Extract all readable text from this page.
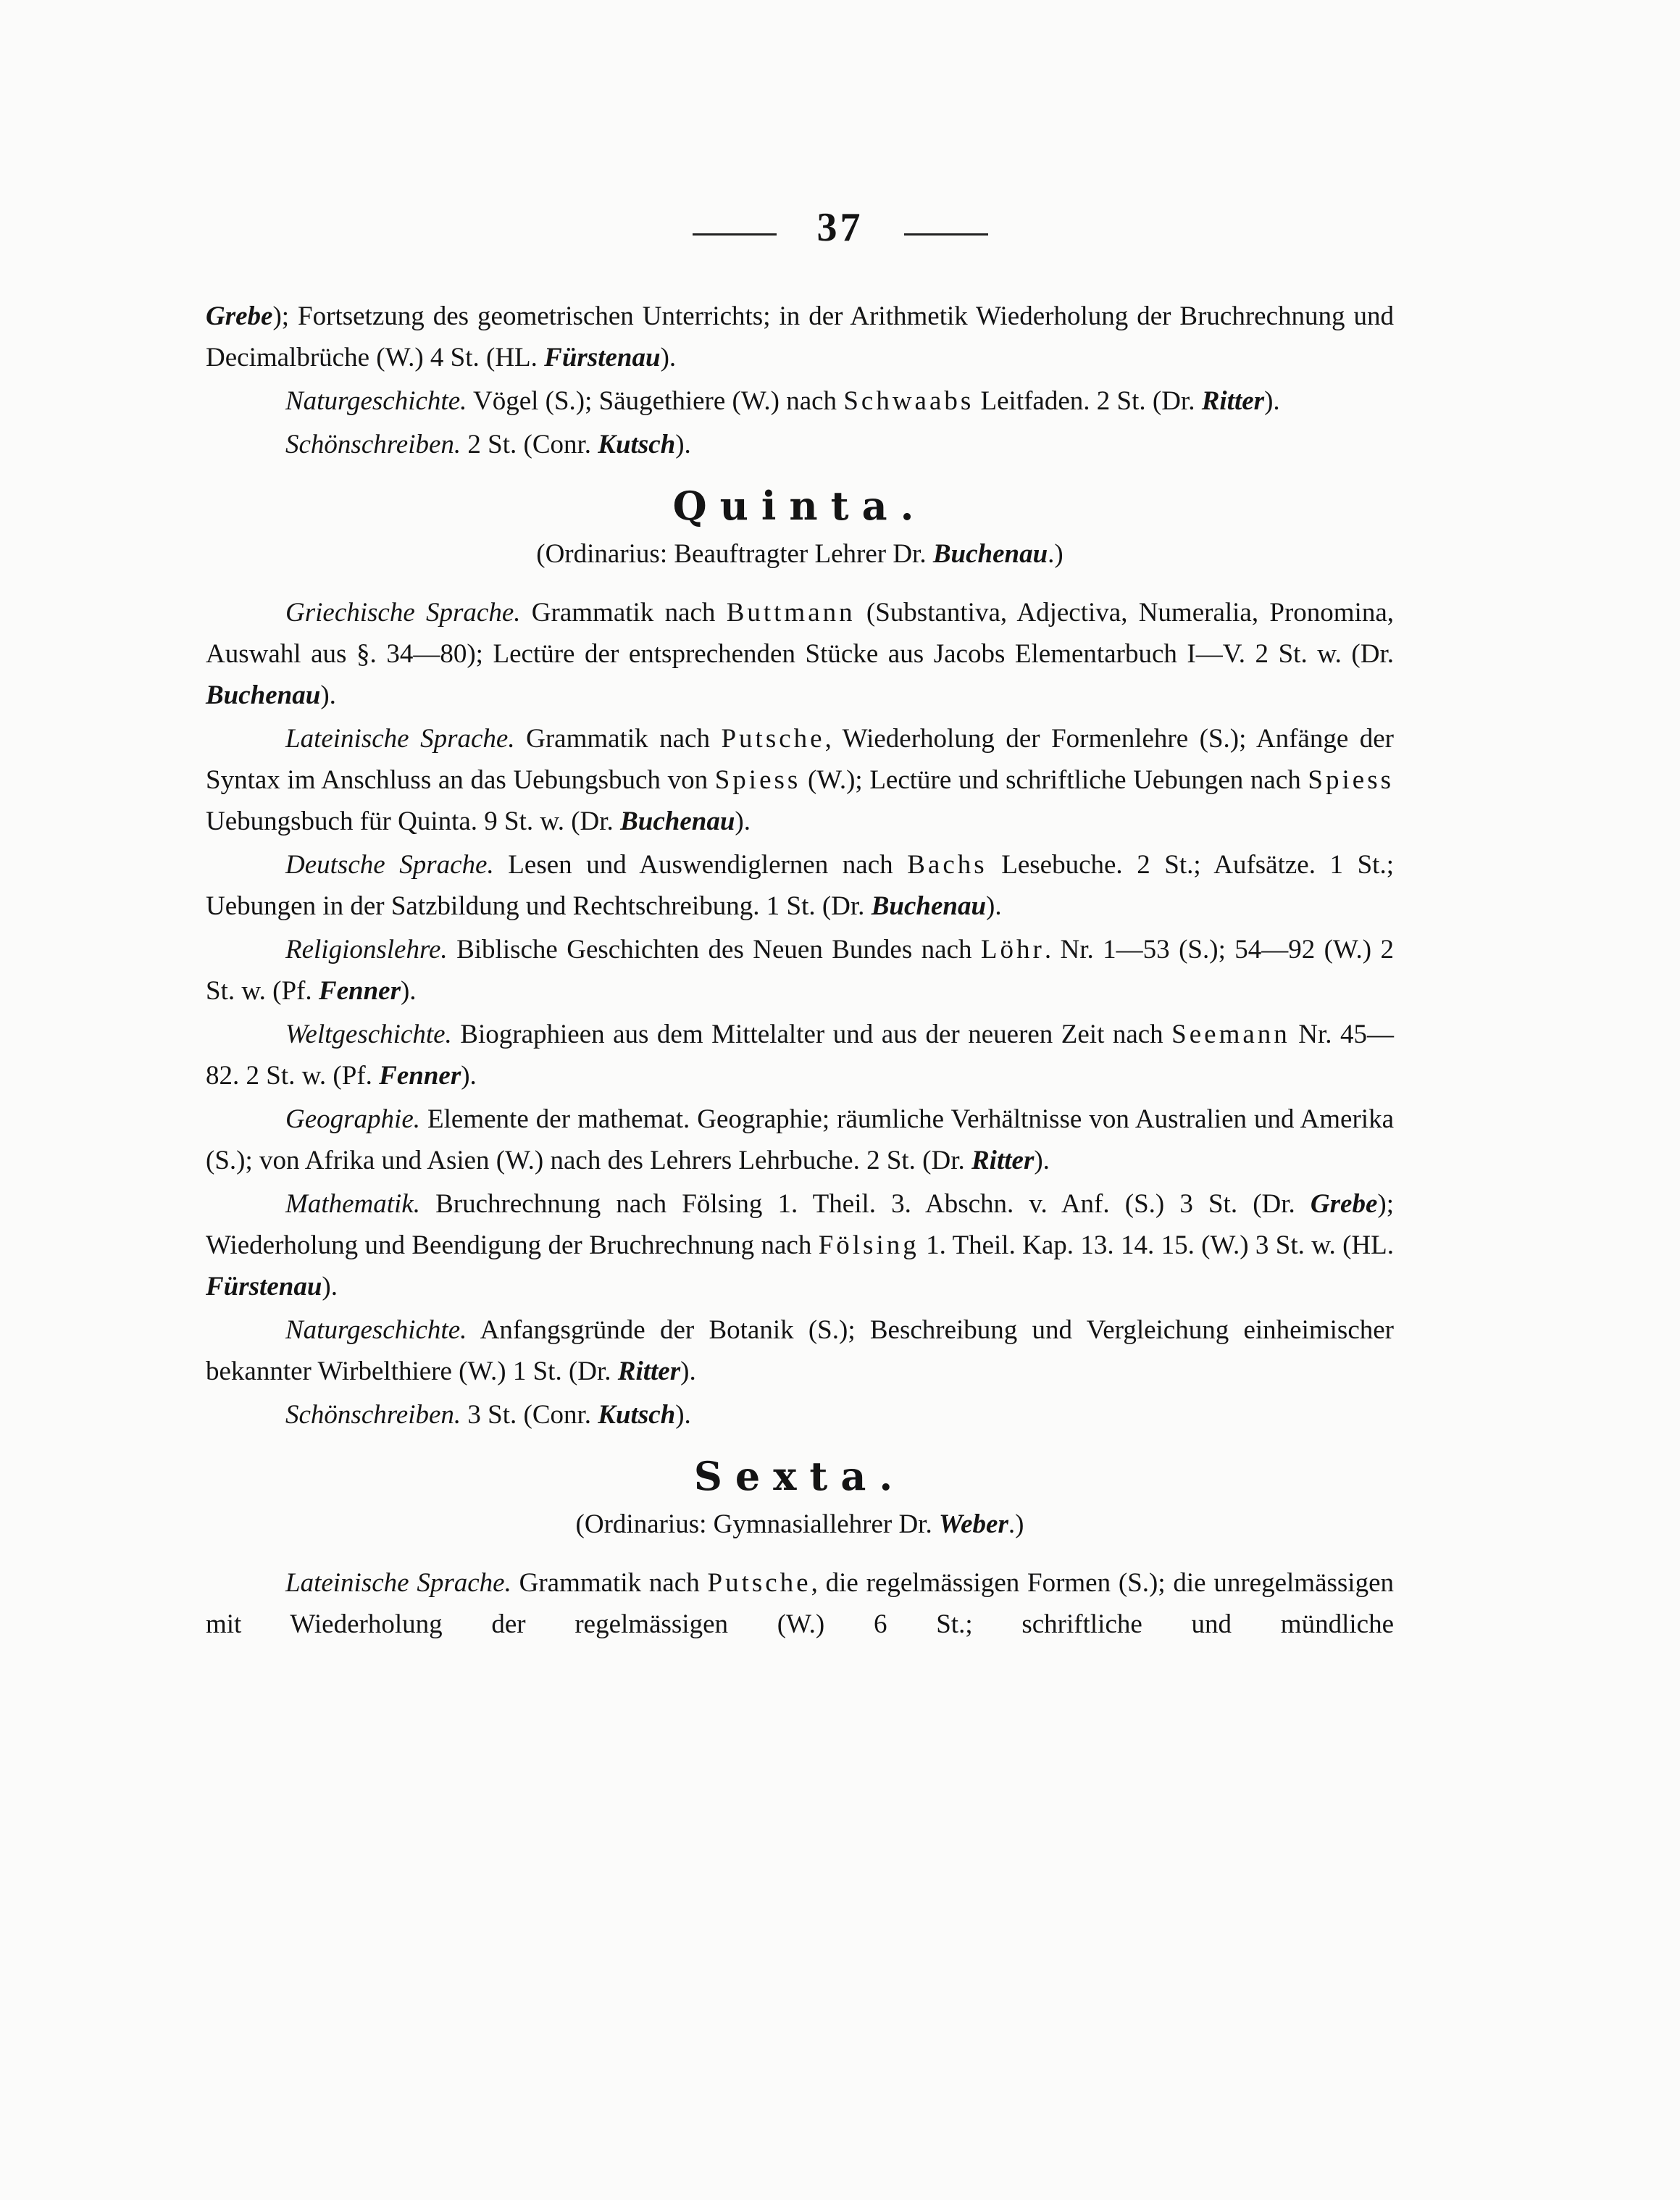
37

Grebe); Fortsetzung des geometrischen Unterrichts; in der Arithmetik Wiederholung der Bruchrechnung und Decimalbrüche (W.) 4 St. (HL. Fürstenau).

Naturgeschichte. Vögel (S.); Säugethiere (W.) nach Schwaabs Leitfaden. 2 St. (Dr. Ritter).

Schönschreiben. 2 St. (Conr. Kutsch).

Quinta.

(Ordinarius: Beauftragter Lehrer Dr. Buchenau.)

Griechische Sprache. Grammatik nach Buttmann (Substantiva, Adjectiva, Numeralia, Pronomina, Auswahl aus §. 34—80); Lectüre der entsprechenden Stücke aus Jacobs Elementarbuch I—V. 2 St. w. (Dr. Buchenau).

Lateinische Sprache. Grammatik nach Putsche, Wiederholung der Formenlehre (S.); Anfänge der Syntax im Anschluss an das Uebungsbuch von Spiess (W.); Lectüre und schriftliche Uebungen nach Spiess Uebungsbuch für Quinta. 9 St. w. (Dr. Buchenau).

Deutsche Sprache. Lesen und Auswendiglernen nach Bachs Lesebuche. 2 St.; Aufsätze. 1 St.; Uebungen in der Satzbildung und Rechtschreibung. 1 St. (Dr. Buchenau).

Religionslehre. Biblische Geschichten des Neuen Bundes nach Löhr. Nr. 1—53 (S.); 54—92 (W.) 2 St. w. (Pf. Fenner).

Weltgeschichte. Biographieen aus dem Mittelalter und aus der neueren Zeit nach Seemann Nr. 45—82. 2 St. w. (Pf. Fenner).

Geographie. Elemente der mathemat. Geographie; räumliche Verhältnisse von Australien und Amerika (S.); von Afrika und Asien (W.) nach des Lehrers Lehrbuche. 2 St. (Dr. Ritter).

Mathematik. Bruchrechnung nach Fölsing 1. Theil. 3. Abschn. v. Anf. (S.) 3 St. (Dr. Grebe); Wiederholung und Beendigung der Bruchrechnung nach Fölsing 1. Theil. Kap. 13. 14. 15. (W.) 3 St. w. (HL. Fürstenau).

Naturgeschichte. Anfangsgründe der Botanik (S.); Beschreibung und Vergleichung einheimischer bekannter Wirbelthiere (W.) 1 St. (Dr. Ritter).

Schönschreiben. 3 St. (Conr. Kutsch).

Sexta.

(Ordinarius: Gymnasiallehrer Dr. Weber.)

Lateinische Sprache. Grammatik nach Putsche, die regelmässigen Formen (S.); die unregelmässigen mit Wiederholung der regelmässigen (W.) 6 St.; schriftliche und mündliche
